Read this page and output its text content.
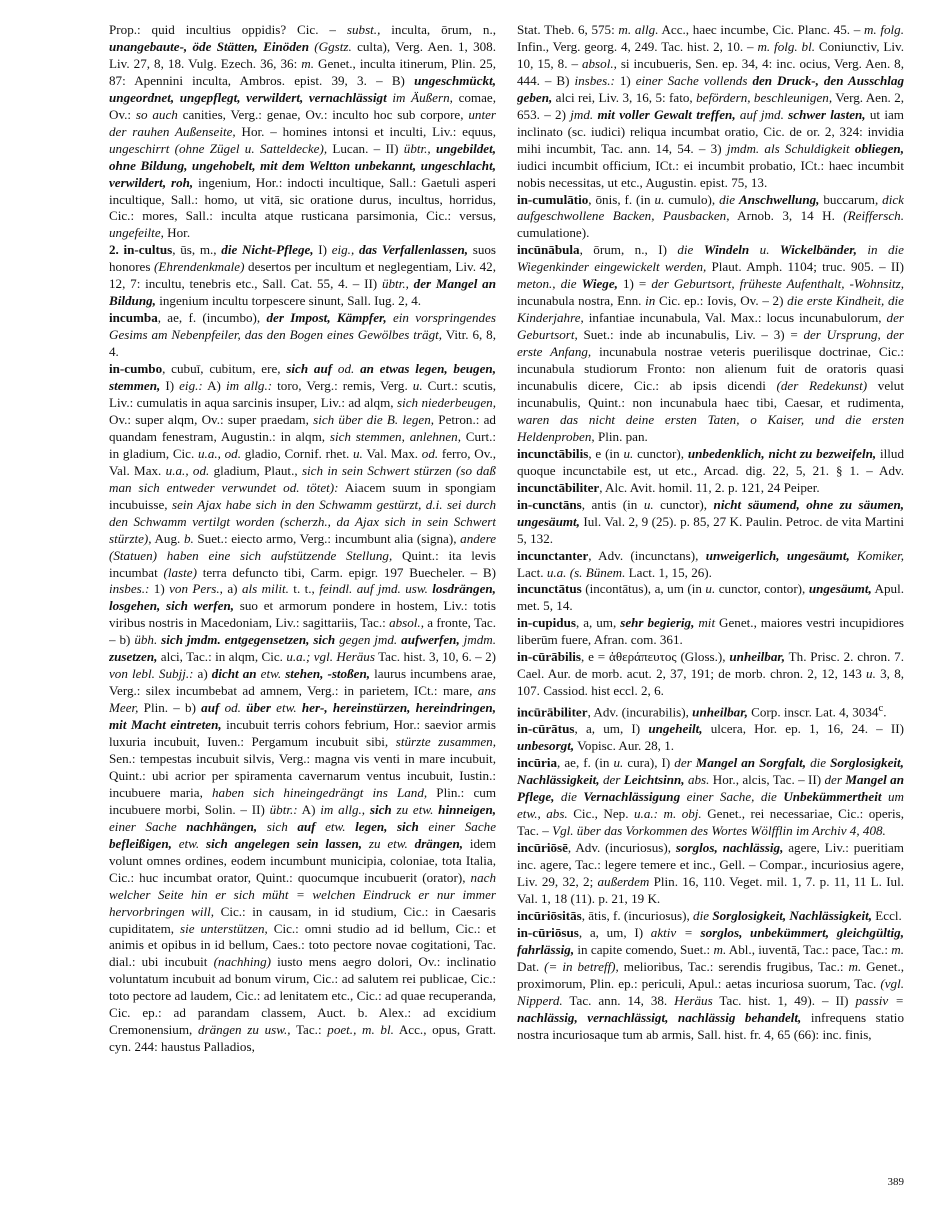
Prop.: quid incultius oppidis? Cic. – subst., inculta, ōrum, n., unangebaute-, öde Stätten, Einöden (Ggstz. culta), Verg. Aen. 1, 308. Liv. 27, 8, 18. Vulg. Ezech. 36, 36: m. Genet., inculta itinerum, Plin. 25, 87: Apennini inculta, Ambros. epist. 39, 3. – B) ungeschmückt, ungeordnet, ungepflegt, verwildert, vernachlässigt im Äußern, comae, Ov.: so auch canities, Verg.: genae, Ov.: inculto hoc sub corpore, unter der rauhen Außenseite, Hor. – homines intonsi et inculti, Liv.: equus, ungeschirrt (ohne Zügel u. Satteldecke), Lucan. – II) übtr., ungebildet, ohne Bildung, ungehobelt, mit dem Weltton unbekannt, ungeschlacht, verwildert, roh, ingenium, Hor.: indocti incultique, Sall.: Gaetuli asperi incultique, Sall.: homo, ut vitā, sic oratione durus, incultus, horridus, Cic.: mores, Sall.: inculta atque rusticana parsimonia, Cic.: versus, ungefeilte, Hor.

2. in-cultus, ūs, m., die Nicht-Pflege, I) eig., das Verfallenlassen, suos honores (Ehrendenkmale) desertos per incultum et neglegentiam, Liv. 42, 12, 7: incultu, tenebris etc., Sall. Cat. 55, 4. – II) übtr., der Mangel an Bildung, ingenium incultu torpescere sinunt, Sall. Iug. 2, 4.

incumba, ae, f. (incumbo), der Impost, Kämpfer, ein vorspringendes Gesims am Nebenpfeiler, das den Bogen eines Gewölbes trägt, Vitr. 6, 8, 4.

in-cumbo, cubuī, cubitum, ere, sich auf od. an etwas legen, beugen, stemmen, I) eig.: A) im allg.: toro, Verg.: remis, Verg. u. Curt.: scutis, Liv.: cumulatis in aqua sarcinis insuper, Liv.: ad alqm, sich niederbeugen, Ov.: super alqm, Ov.: super praedam, sich über die B. legen, Petron.: ad quandam fenestram, Augustin.: in alqm, sich stemmen, anlehnen, Curt.: in gladium, Cic. u.a., od. gladio, Cornif. rhet. u. Val. Max. od. ferro, Ov., Val. Max. u.a., od. gladium, Plaut., sich in sein Schwert stürzen (so daß man sich entweder verwundet od. tötet): Aiacem suum in spongiam incubuisse, sein Ajax habe sich in den Schwamm gestürzt, d.i. sei durch den Schwamm vertilgt worden (scherzh., da Ajax sich in sein Schwert stürzte), Aug. b. Suet.: eiecto armo, Verg.: incumbunt alia (signa), andere (Statuen) haben eine sich aufstützende Stellung, Quint.: ita levis incumbat (laste) terra defuncto tibi, Carm. epigr. 197 Buecheler. – B) insbes.: 1) von Pers., a) als milit. t. t., feindl. auf jmd. usw. losdrängen, losgehen, sich werfen, suo et armorum pondere in hostem, Liv.: totis viribus nostris in Macedoniam, Liv.: sagittariis, Tac.: absol., a fronte, Tac. – b) übh. sich jmdm. entgegensetzen, sich gegen jmd. aufwerfen, jmdm. zusetzen, alci, Tac.: in alqm, Cic. u.a.; vgl. Heräus Tac. hist. 3, 10, 6. – 2) von lebl. Subjj.: a) dicht an etw. stehen, -stoßen, laurus incumbens arae, Verg.: silex incumbebat ad amnem, Verg.: in parietem, ICt.: mare, ans Meer, Plin. – b) auf od. über etw. her-, hereinstürzen, hereindringen, mit Macht eintreten, incubuit terris cohors febrium, Hor.: saevior armis luxuria incubuit, Iuven.: Pergamum incubuit sibi, stürzte zusammen, Sen.: tempestas incubuit silvis, Verg.: magna vis venti in mare incubuit, Quint.: ubi acrior per spiramenta cavernarum ventus incubuit, Iustin.: incubuere maria, haben sich hineingedrängt ins Land, Plin.: cum incubuere morbi, Solin. – II) übtr.: A) im allg., sich zu etw. hinneigen, einer Sache nachhängen, sich auf etw. legen, sich einer Sache befleißigen, etw. sich angelegen sein lassen, zu etw. drängen, idem volunt omnes ordines, eodem incumbunt municipia, coloniae, tota Italia, Cic.: huc incumbat orator, Quint.: quocumque incubuerit (orator), nach welcher Seite hin er sich müht = welchen Eindruck er nur immer hervorbringen will, Cic.: in causam, in id studium, Cic.: in Caesaris cupiditatem, sie unterstützen, Cic.: omni studio ad id bellum, Cic.: et animis et opibus in id bellum, Caes.: toto pectore novae cogitationi, Tac. dial.: ubi incubuit (nachhing) iusto mens aegro dolori, Ov.: inclinatio voluntatum incubuit ad bonum virum, Cic.: ad salutem rei publicae, Cic.: toto pectore ad laudem, Cic.: ad lenitatem etc., Cic.: ad quae recuperanda, Cic. ep.: ad parandam classem, Auct. b. Alex.: ad excidium Cremonensium, drängen zu usw., Tac.: poet., m. bl. Acc., opus, Gratt. cyn. 244: haustus Palladios,

Stat. Theb. 6, 575: m. allg. Acc., haec incumbe, Cic. Planc. 45. – m. folg. Infin., Verg. georg. 4, 249. Tac. hist. 2, 10. – m. folg. bl. Coniunctiv, Liv. 10, 15, 8. – absol., si incubueris, Sen. ep. 34, 4: inc. ocius, Verg. Aen. 8, 444. – B) insbes.: 1) einer Sache vollends den Druck-, den Ausschlag geben, alci rei, Liv. 3, 16, 5: fato, befördern, beschleunigen, Verg. Aen. 2, 653. – 2) jmd. mit voller Gewalt treffen, auf jmd. schwer lasten, ut iam inclinato (sc. iudici) reliqua incumbat oratio, Cic. de or. 2, 324: invidia mihi incumbit, Tac. ann. 14, 54. – 3) jmdm. als Schuldigkeit obliegen, iudici incumbit officium, ICt.: ei incumbit probatio, ICt.: haec incumbit nobis necessitas, ut etc., Augustin. epist. 75, 13.

in-cumulātio, ōnis, f. (in u. cumulo), die Anschwellung, buccarum, dick aufgeschwollene Backen, Pausbacken, Arnob. 3, 14 H. (Reiffersch. cumulatione).

incūnābula, ōrum, n., I) die Windeln u. Wickelbänder, in die Wiegenkinder eingewickelt werden, Plaut. Amph. 1104; truc. 905. – II) meton., die Wiege, 1) = der Geburtsort, früheste Aufenthalt, -Wohnsitz, incunabula nostra, Enn. in Cic. ep.: Iovis, Ov. – 2) die erste Kindheit, die Kinderjahre, infantiae incunabula, Val. Max.: locus incunabulorum, der Geburtsort, Suet.: inde ab incunabulis, Liv. – 3) = der Ursprung, der erste Anfang, incunabula nostrae veteris puerilisque doctrinae, Cic.: incunabula studiorum Fronto: non alienum fuit de oratoris quasi incunabulis dicere, Cic.: ab ipsis dicendi (der Redekunst) velut incunabulis, Quint.: non incunabula haec tibi, Caesar, et rudimenta, waren das nicht deine ersten Taten, o Kaiser, und die ersten Heldenproben, Plin. pan.

incunctābilis, e (in u. cunctor), unbedenklich, nicht zu bezweifeln, illud quoque incunctabile est, ut etc., Arcad. dig. 22, 5, 21. § 1. – Adv. incunctābiliter, Alc. Avit. homil. 11, 2. p. 121, 24 Peiper.

in-cunctāns, antis (in u. cunctor), nicht säumend, ohne zu säumen, ungesäumt, Iul. Val. 2, 9 (25). p. 85, 27 K. Paulin. Petroc. de vita Martini 5, 132.

incunctanter, Adv. (incunctans), unweigerlich, ungesäumt, Komiker, Lact. u.a. (s. Bünem. Lact. 1, 15, 26).

incunctātus (incontātus), a, um (in u. cunctor, contor), ungesäumt, Apul. met. 5, 14.

in-cupidus, a, um, sehr begierig, mit Genet., maiores vestri incupidiores liberūm fuere, Afran. com. 361.

in-cūrābilis, e = ἀθεράπευτος (Gloss.), unheilbar, Th. Prisc. 2. chron. 7. Cael. Aur. de morb. acut. 2, 37, 191; de morb. chron. 2, 12, 143 u. 3, 8, 107. Cassiod. hist eccl. 2, 6.

incūrābiliter, Adv. (incurabilis), unheilbar, Corp. inscr. Lat. 4, 3034$^c$.

in-cūrātus, a, um, I) ungeheilt, ulcera, Hor. ep. 1, 16, 24. – II) unbesorgt, Vopisc. Aur. 28, 1.

incūria, ae, f. (in u. cura), I) der Mangel an Sorgfalt, die Sorglosigkeit, Nachlässigkeit, der Leichtsinn, abs. Hor., alcis, Tac. – II) der Mangel an Pflege, die Vernachlässigung einer Sache, die Unbekümmertheit um etw., abs. Cic., Nep. u.a.: m. obj. Genet., rei necessariae, Cic.: operis, Tac. – Vgl. über das Vorkommen des Wortes Wölfflin im Archiv 4, 408.

incūriōsē, Adv. (incuriosus), sorglos, nachlässig, agere, Liv.: pueritiam inc. agere, Tac.: legere temere et inc., Gell. – Compar., incuriosius agere, Liv. 29, 32, 2; außerdem Plin. 16, 110. Veget. mil. 1, 7. p. 11, 11 L. Iul. Val. 1, 18 (11). p. 21, 19 K.

incūriōsitās, ātis, f. (incuriosus), die Sorglosigkeit, Nachlässigkeit, Eccl.

in-cūriōsus, a, um, I) aktiv = sorglos, unbekümmert, gleichgültig, fahrlässig, in capite comendo, Suet.: m. Abl., iuventā, Tac.: pace, Tac.: m. Dat. (= in betreff), melioribus, Tac.: serendis frugibus, Tac.: m. Genet., proximorum, Plin. ep.: periculi, Apul.: aetas incuriosa suorum, Tac. (vgl. Nipperd. Tac. ann. 14, 38. Heräus Tac. hist. 1, 49). – II) passiv = nachlässig, vernachlässigt, nachlässig behandelt, infrequens statio nostra incuriosaque tum ab armis, Sall. hist. fr. 4, 65 (66): inc. finis,

389
